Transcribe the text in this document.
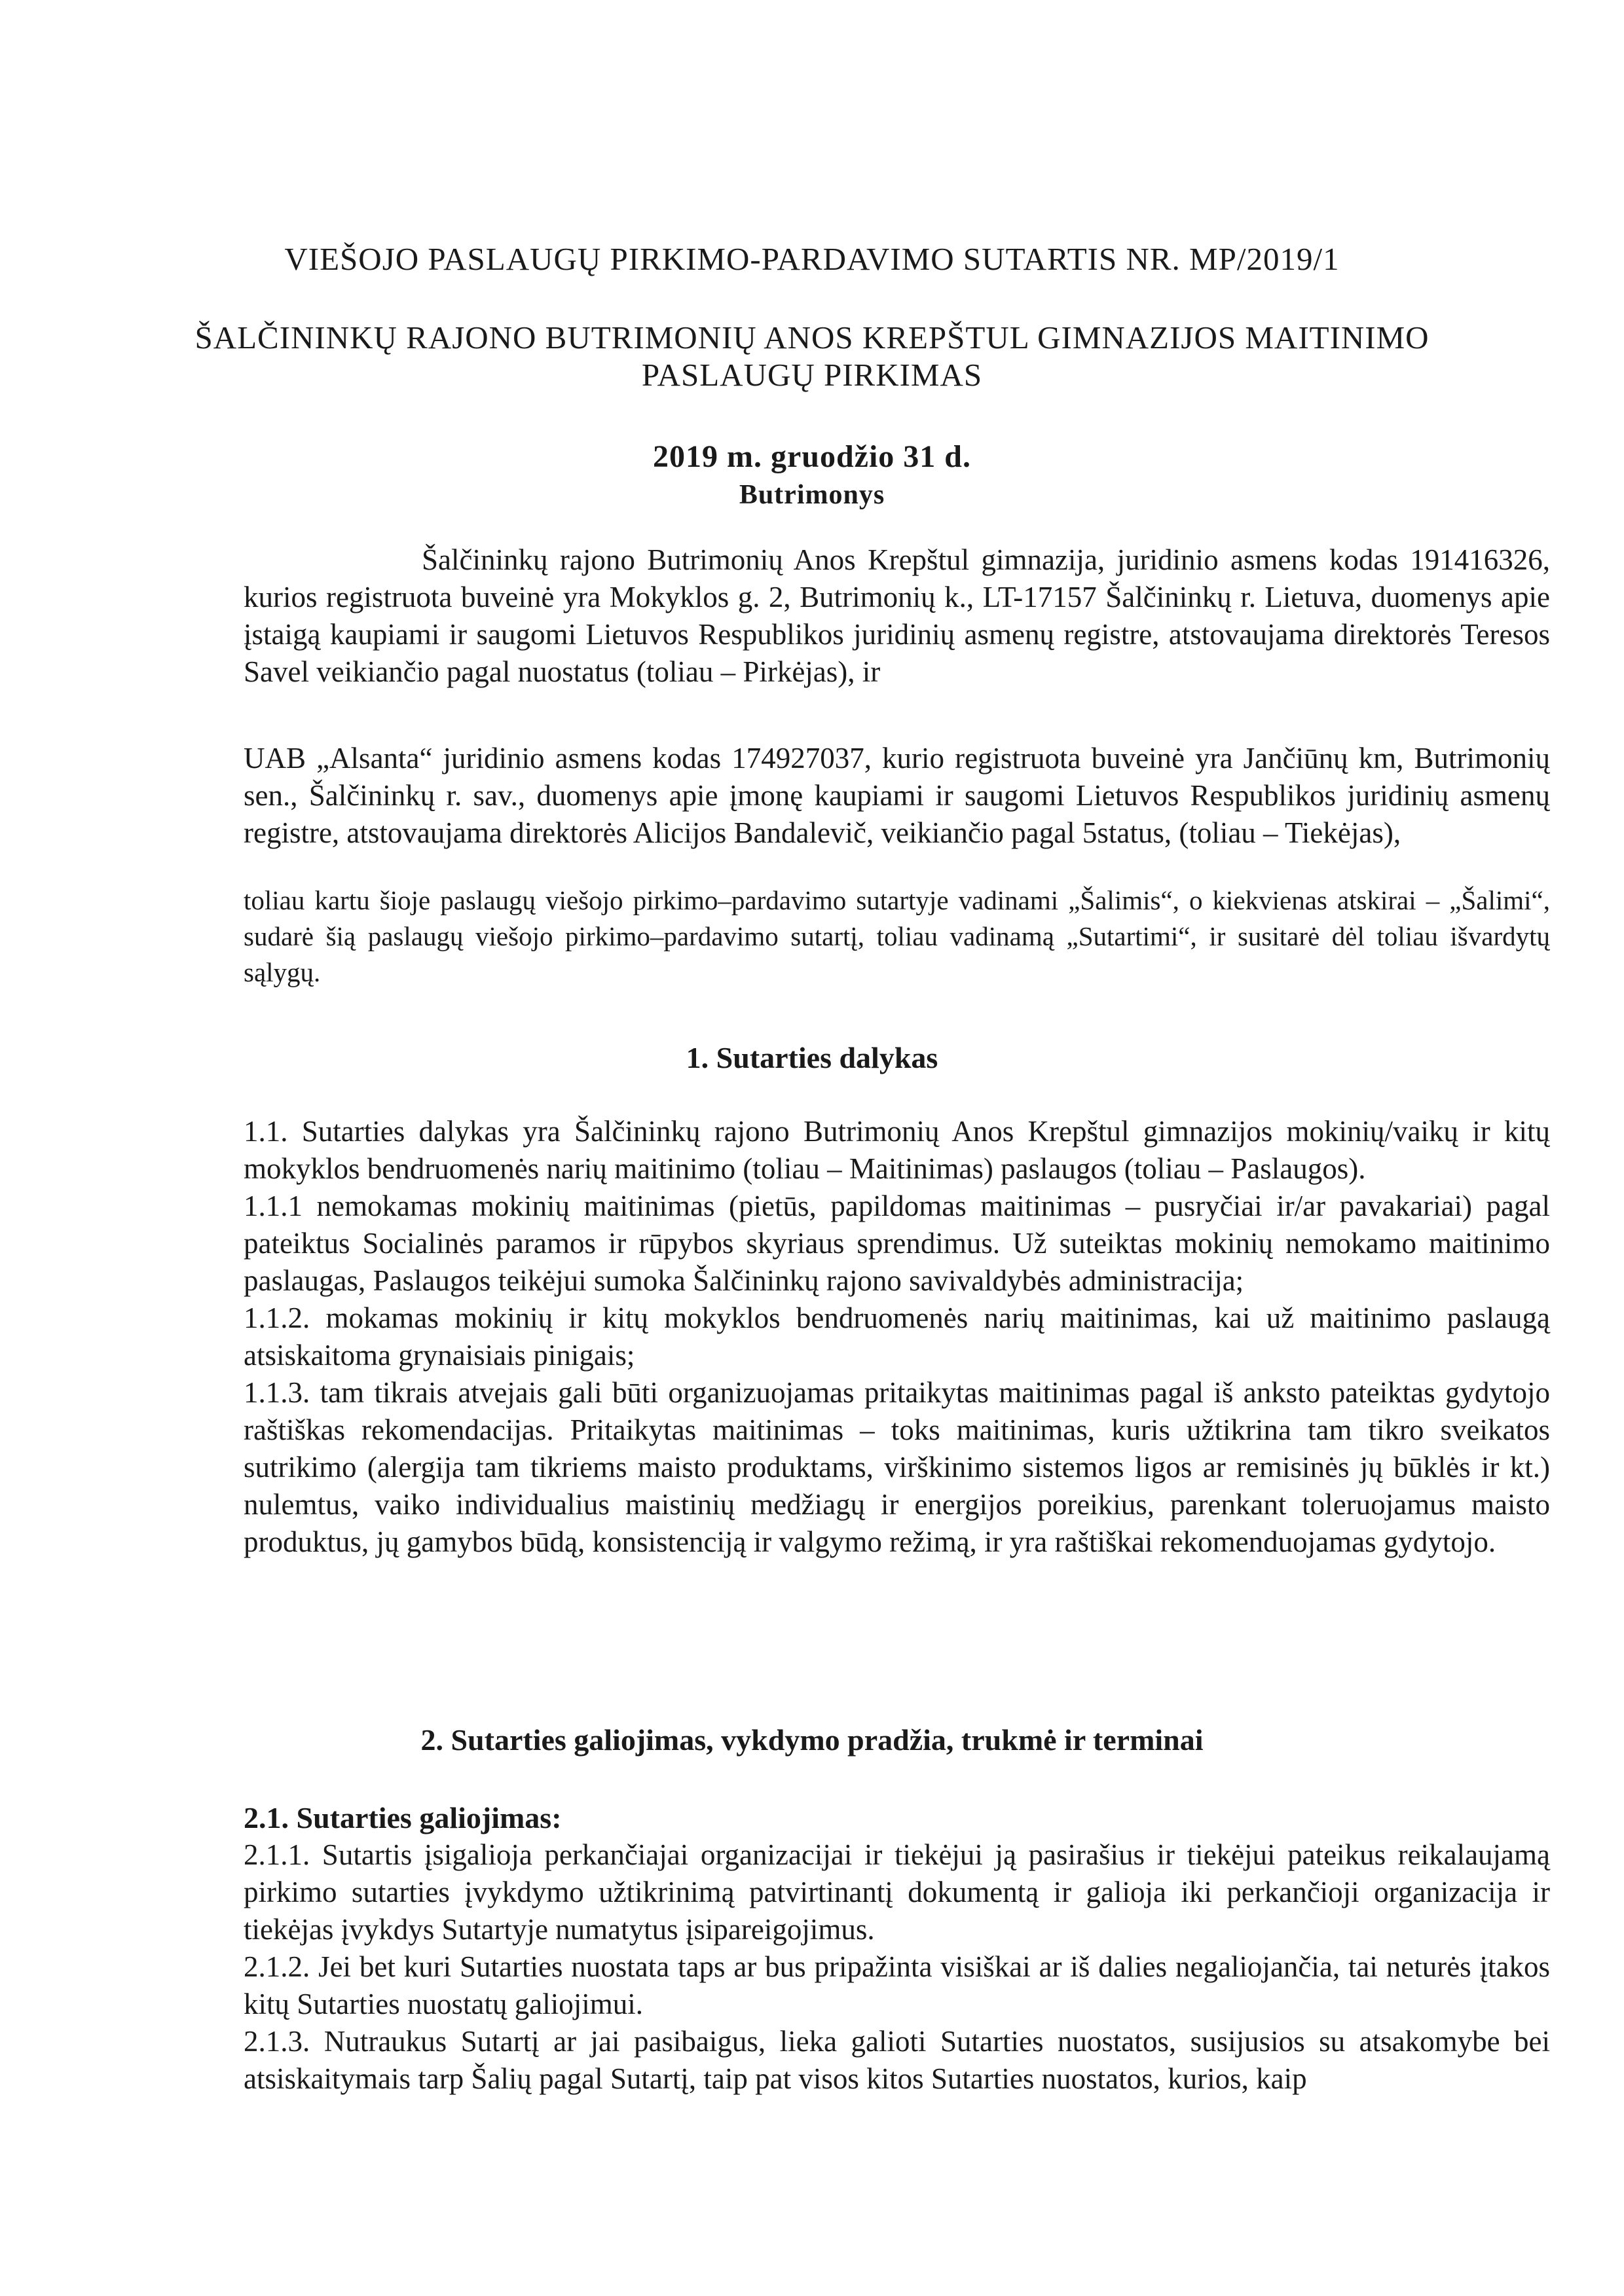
VIEŠOJO PASLAUGŲ PIRKIMO-PARDAVIMO SUTARTIS NR. MP/2019/1
ŠALČININKŲ RAJONO BUTRIMONIŲ ANOS KREPŠTUL GIMNAZIJOS MAITINIMO
PASLAUGŲ PIRKIMAS
2019 m. gruodžio 31 d.
Butrimonys

Šalčininkų rajono Butrimonių Anos Krepštul gimnazija, juridinio asmens kodas 191416326, kurios registruota buveinė yra Mokyklos g. 2, Butrimonių k., LT-17157 Šalčininkų r. Lietuva, duomenys apie įstaigą kaupiami ir saugomi Lietuvos Respublikos juridinių asmenų registre, atstovaujama direktorės Teresos Savel veikiančio pagal nuostatus (toliau – Pirkėjas), ir

UAB „Alsanta“ juridinio asmens kodas 174927037, kurio registruota buveinė yra Jančiūnų km, Butrimonių sen., Šalčininkų r. sav., duomenys apie įmonę kaupiami ir saugomi Lietuvos Respublikos juridinių asmenų registre, atstovaujama direktorės Alicijos Bandalevič, veikiančio pagal 5status, (toliau – Tiekėjas),

toliau kartu šioje paslaugų viešojo pirkimo–pardavimo sutartyje vadinami „Šalimis“, o kiekvienas atskirai – „Šalimi“, sudarė šią paslaugų viešojo pirkimo–pardavimo sutartį, toliau vadinamą „Sutartimi“, ir susitarė dėl toliau išvardytų sąlygų.

1. Sutarties dalykas

1.1. Sutarties dalykas yra Šalčininkų rajono Butrimonių Anos Krepštul gimnazijos mokinių/vaikų ir kitų mokyklos bendruomenės narių maitinimo (toliau – Maitinimas) paslaugos (toliau – Paslaugos).

1.1.1 nemokamas mokinių maitinimas (pietūs, papildomas maitinimas – pusryčiai ir/ar pavakariai) pagal pateiktus Socialinės paramos ir rūpybos skyriaus sprendimus. Už suteiktas mokinių nemokamo maitinimo paslaugas, Paslaugos teikėjui sumoka Šalčininkų rajono savivaldybės administracija;

1.1.2. mokamas mokinių ir kitų mokyklos bendruomenės narių maitinimas, kai už maitinimo paslaugą atsiskaitoma grynaisiais pinigais;

1.1.3. tam tikrais atvejais gali būti organizuojamas pritaikytas maitinimas pagal iš anksto pateiktas gydytojo raštiškas rekomendacijas. Pritaikytas maitinimas – toks maitinimas, kuris užtikrina tam tikro sveikatos sutrikimo (alergija tam tikriems maisto produktams, virškinimo sistemos ligos ar remisinės jų būklės ir kt.) nulemtus, vaiko individualius maistinių medžiagų ir energijos poreikius, parenkant toleruojamus maisto produktus, jų gamybos būdą, konsistenciją ir valgymo režimą, ir yra raštiškai rekomenduojamas gydytojo.

2. Sutarties galiojimas, vykdymo pradžia, trukmė ir terminai

2.1. Sutarties galiojimas:

2.1.1. Sutartis įsigalioja perkančiajai organizacijai ir tiekėjui ją pasirašius ir tiekėjui pateikus reikalaujamą pirkimo sutarties įvykdymo užtikrinimą patvirtinantį dokumentą ir galioja iki perkančioji organizacija ir tiekėjas įvykdys Sutartyje numatytus įsipareigojimus.

2.1.2. Jei bet kuri Sutarties nuostata taps ar bus pripažinta visiškai ar iš dalies negaliojančia, tai neturės įtakos kitų Sutarties nuostatų galiojimui.

2.1.3. Nutraukus Sutartį ar jai pasibaigus, lieka galioti Sutarties nuostatos, susijusios su atsakomybe bei atsiskaitymais tarp Šalių pagal Sutartį, taip pat visos kitos Sutarties nuostatos, kurios, kaip
